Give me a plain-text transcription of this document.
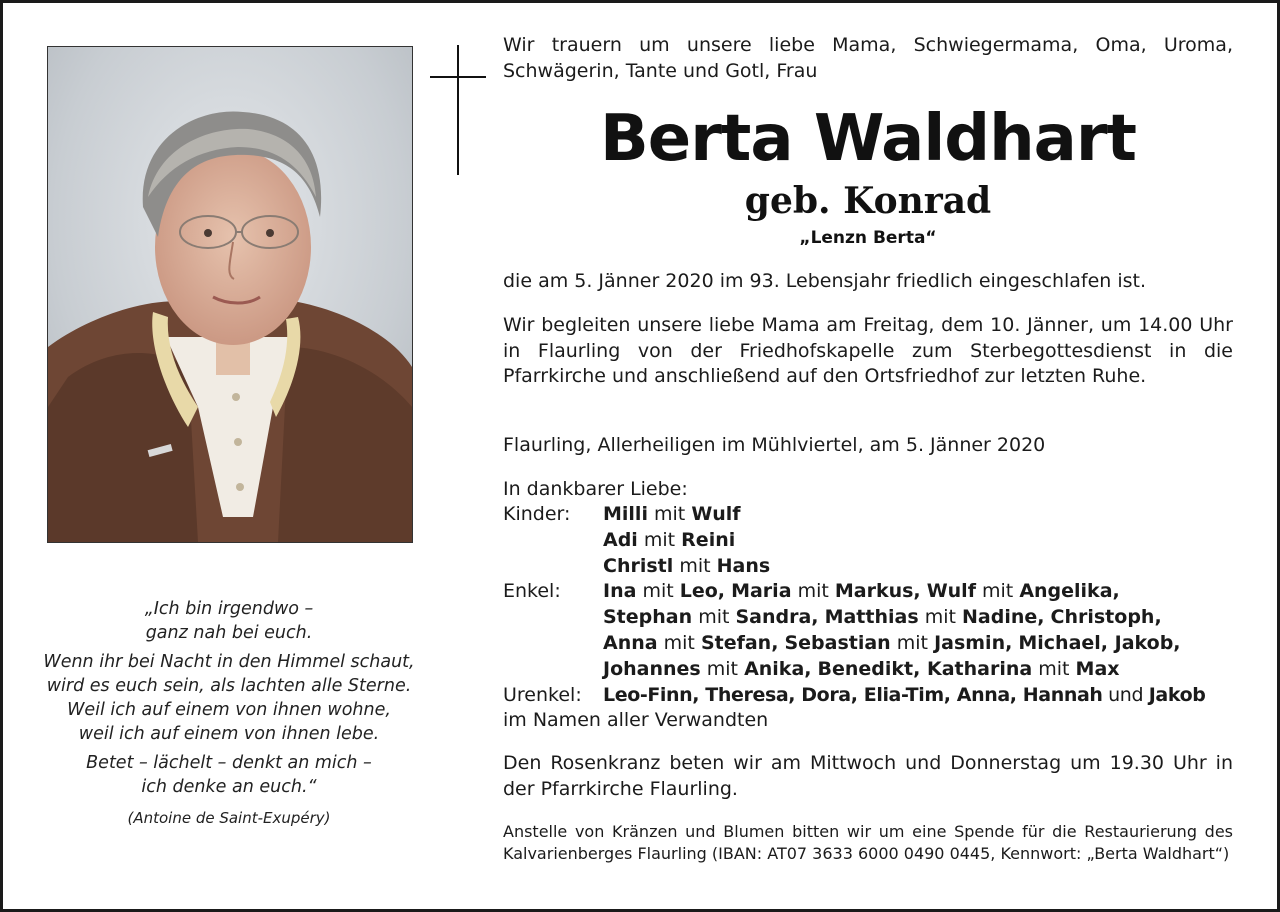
„Ich bin irgendwo –
ganz nah bei euch.
Wenn ihr bei Nacht in den Himmel schaut,
wird es euch sein, als lachten alle Sterne.
Weil ich auf einem von ihnen wohne,
weil ich auf einem von ihnen lebe.
Betet – lächelt – denkt an mich –
ich denke an euch.“
(Antoine de Saint-Exupéry)
Wir trauern um unsere liebe Mama, Schwiegermama, Oma, Uroma, Schwägerin, Tante und Gotl, Frau
Berta Waldhart
geb. Konrad
„Lenzn Berta“
die am 5. Jänner 2020 im 93. Lebensjahr friedlich eingeschlafen ist.
Wir begleiten unsere liebe Mama am Freitag, dem 10. Jänner, um 14.00 Uhr in Flaurling von der Friedhofskapelle zum Sterbegottesdienst in die Pfarrkirche und anschließend auf den Ortsfriedhof zur letzten Ruhe.
Flaurling, Allerheiligen im Mühlviertel, am 5. Jänner 2020
In dankbarer Liebe:
Kinder:	Milli mit Wulf
	Adi mit Reini
	Christl mit Hans
Enkel:	Ina mit Leo, Maria mit Markus, Wulf mit Angelika,
	Stephan mit Sandra, Matthias mit Nadine, Christoph,
	Anna mit Stefan, Sebastian mit Jasmin, Michael, Jakob,
	Johannes mit Anika, Benedikt, Katharina mit Max
Urenkel:	Leo-Finn, Theresa, Dora, Elia-Tim, Anna, Hannah und Jakob
im Namen aller Verwandten	
Den Rosenkranz beten wir am Mittwoch und Donnerstag um 19.30 Uhr in der Pfarrkirche Flaurling.
Anstelle von Kränzen und Blumen bitten wir um eine Spende für die Restaurierung des Kalvarienberges Flaurling (IBAN: AT07 3633 6000 0490 0445, Kennwort: „Berta Waldhart“)
